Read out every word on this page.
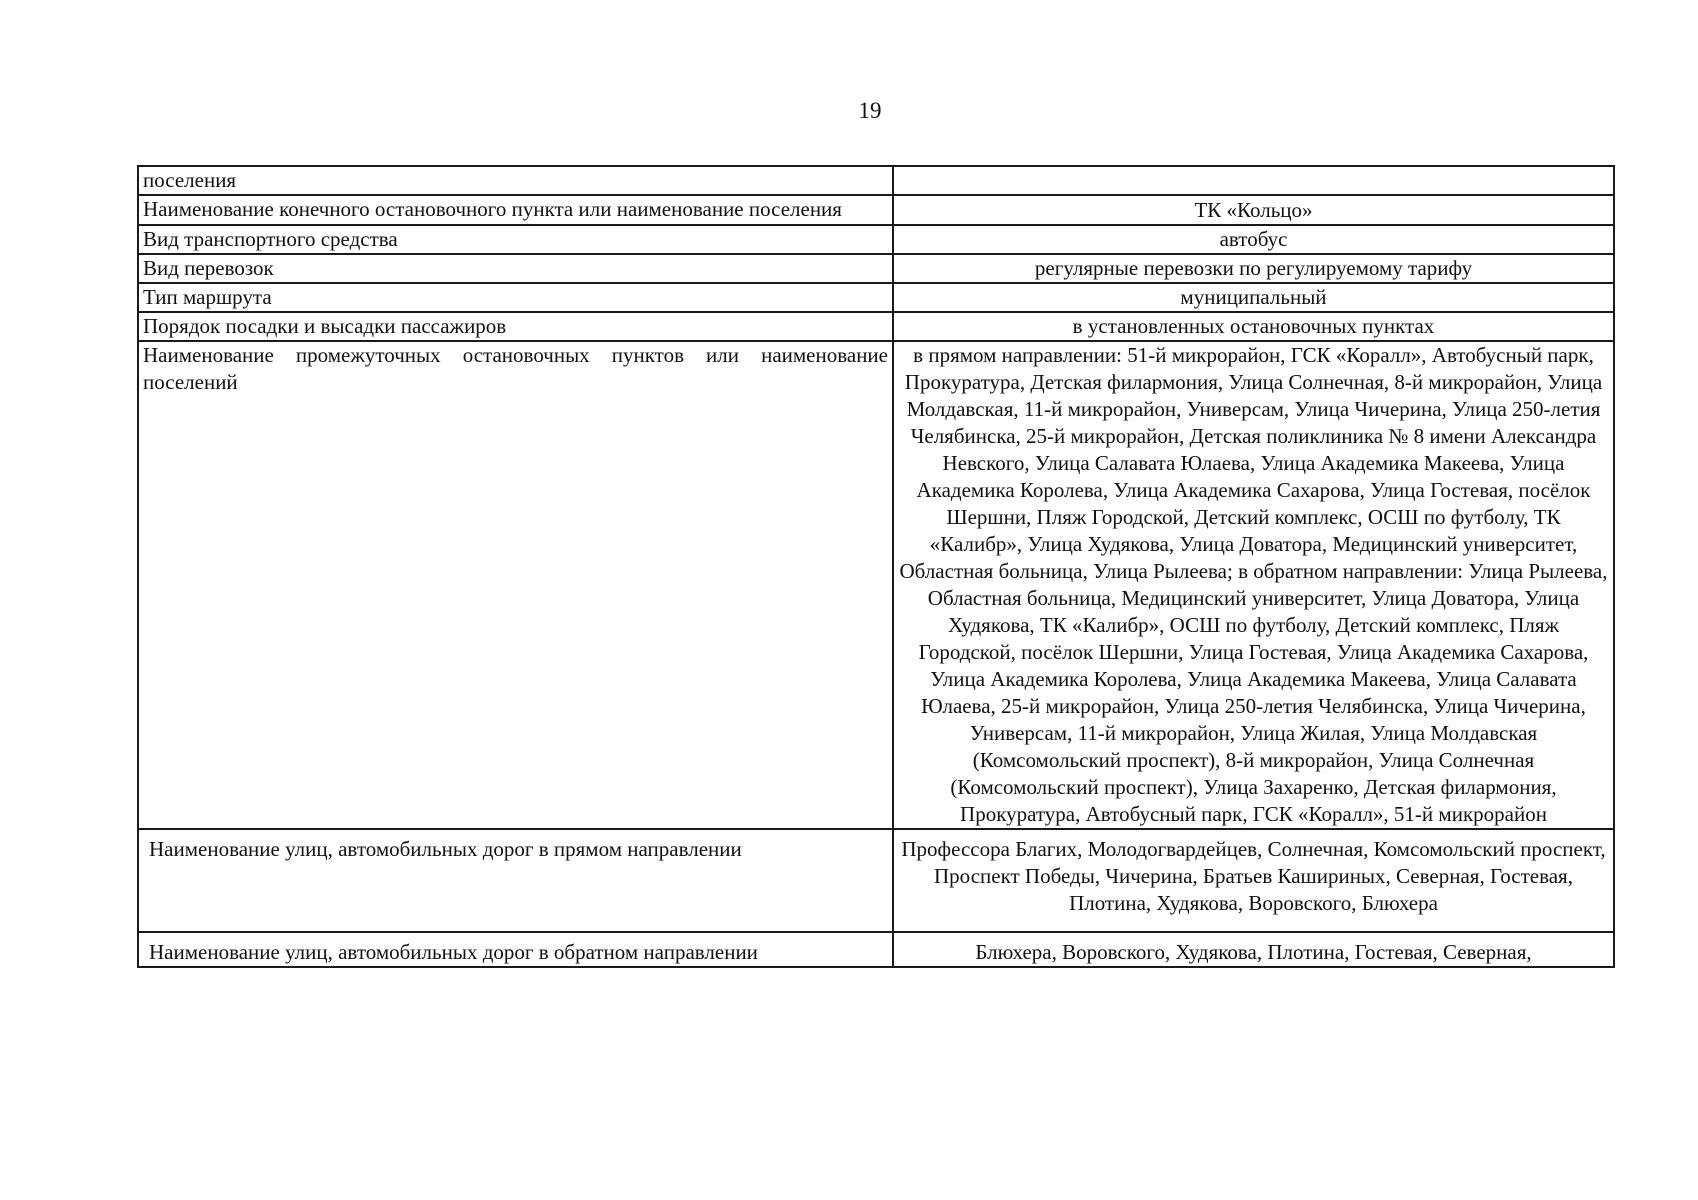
19
поселения	
Наименование конечного остановочного пункта или наименование поселения	ТК «Кольцо»
Вид транспортного средства	автобус
Вид перевозок	регулярные перевозки по регулируемому тарифу
Тип маршрута	муниципальный
Порядок посадки и высадки пассажиров	в установленных остановочных пунктах
Наименование промежуточных остановочных пунктов или наименование поселений	в прямом направлении: 51-й микрорайон, ГСК «Коралл», Автобусный парк, Прокуратура, Детская филармония, Улица Солнечная, 8-й микрорайон, Улица Молдавская, 11-й микрорайон, Универсам, Улица Чичерина, Улица 250-летия Челябинска, 25-й микрорайон, Детская поликлиника № 8 имени Александра Невского, Улица Салавата Юлаева, Улица Академика Макеева, Улица Академика Королева, Улица Академика Сахарова, Улица Гостевая, посёлок Шершни, Пляж Городской, Детский комплекс, ОСШ по футболу, ТК «Калибр», Улица Худякова, Улица Доватора, Медицинский университет, Областная больница, Улица Рылеева; в обратном направлении: Улица Рылеева, Областная больница, Медицинский университет, Улица Доватора, Улица Худякова, ТК «Калибр», ОСШ по футболу, Детский комплекс, Пляж Городской, посёлок Шершни, Улица Гостевая, Улица Академика Сахарова, Улица Академика Королева, Улица Академика Макеева, Улица Салавата Юлаева, 25-й микрорайон, Улица 250-летия Челябинска, Улица Чичерина, Универсам, 11-й микрорайон, Улица Жилая, Улица Молдавская (Комсомольский проспект), 8-й микрорайон, Улица Солнечная (Комсомольский проспект), Улица Захаренко, Детская филармония, Прокуратура, Автобусный парк, ГСК «Коралл», 51-й микрорайон
Наименование улиц, автомобильных дорог в прямом направлении	Профессора Благих, Молодогвардейцев, Солнечная, Комсомольский проспект, Проспект Победы, Чичерина, Братьев Кашириных, Северная, Гостевая, Плотина, Худякова, Воровского, Блюхера
Наименование улиц, автомобильных дорог в обратном направлении	Блюхера, Воровского, Худякова, Плотина, Гостевая, Северная,
